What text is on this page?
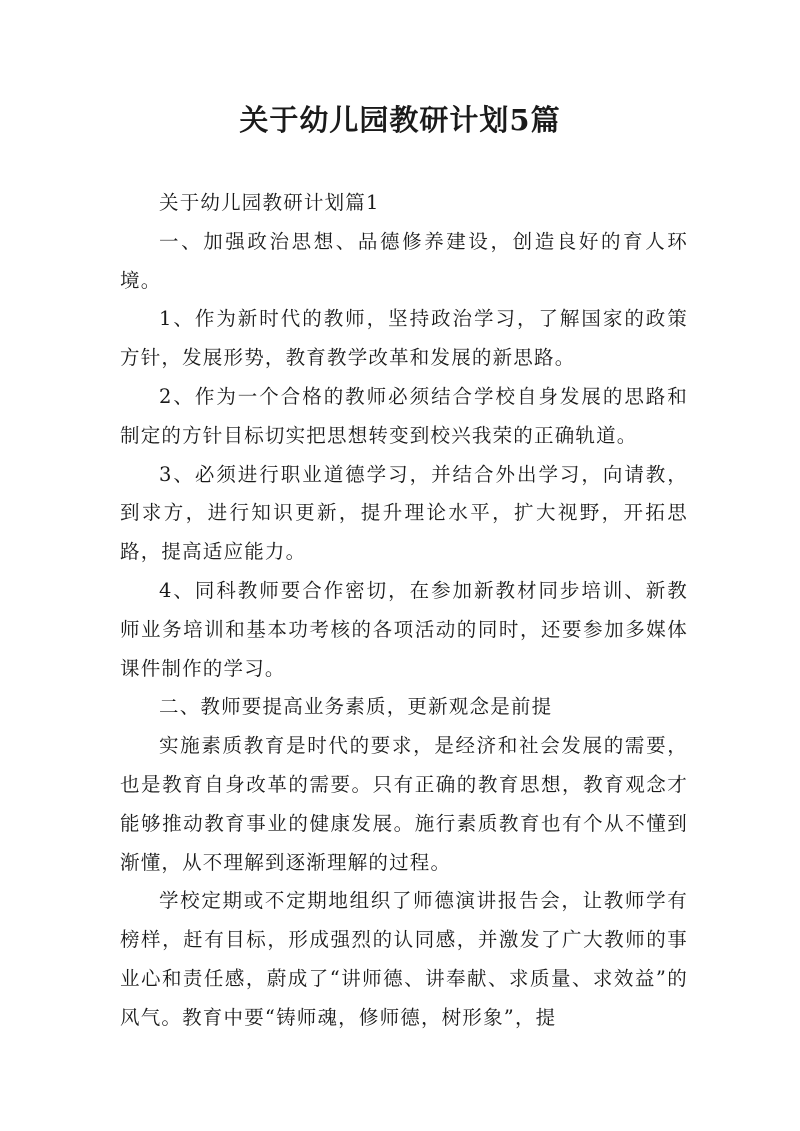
关于幼儿园教研计划5篇

关于幼儿园教研计划篇1

一、加强政治思想、品德修养建设，创造良好的育人环境。

1、作为新时代的教师，坚持政治学习，了解国家的政策方针，发展形势，教育教学改革和发展的新思路。

2、作为一个合格的教师必须结合学校自身发展的思路和制定的方针目标切实把思想转变到校兴我荣的正确轨道。

3、必须进行职业道德学习，并结合外出学习，向请教，到求方，进行知识更新，提升理论水平，扩大视野，开拓思路，提高适应能力。

4、同科教师要合作密切，在参加新教材同步培训、新教师业务培训和基本功考核的各项活动的同时，还要参加多媒体课件制作的学习。

二、教师要提高业务素质，更新观念是前提

实施素质教育是时代的要求，是经济和社会发展的需要，也是教育自身改革的需要。只有正确的教育思想，教育观念才能够推动教育事业的健康发展。施行素质教育也有个从不懂到渐懂，从不理解到逐渐理解的过程。

学校定期或不定期地组织了师德演讲报告会，让教师学有榜样，赶有目标，形成强烈的认同感，并激发了广大教师的事业心和责任感，蔚成了“讲师德、讲奉献、求质量、求效益”的风气。教育中要“铸师魂，修师德，树形象”，提
